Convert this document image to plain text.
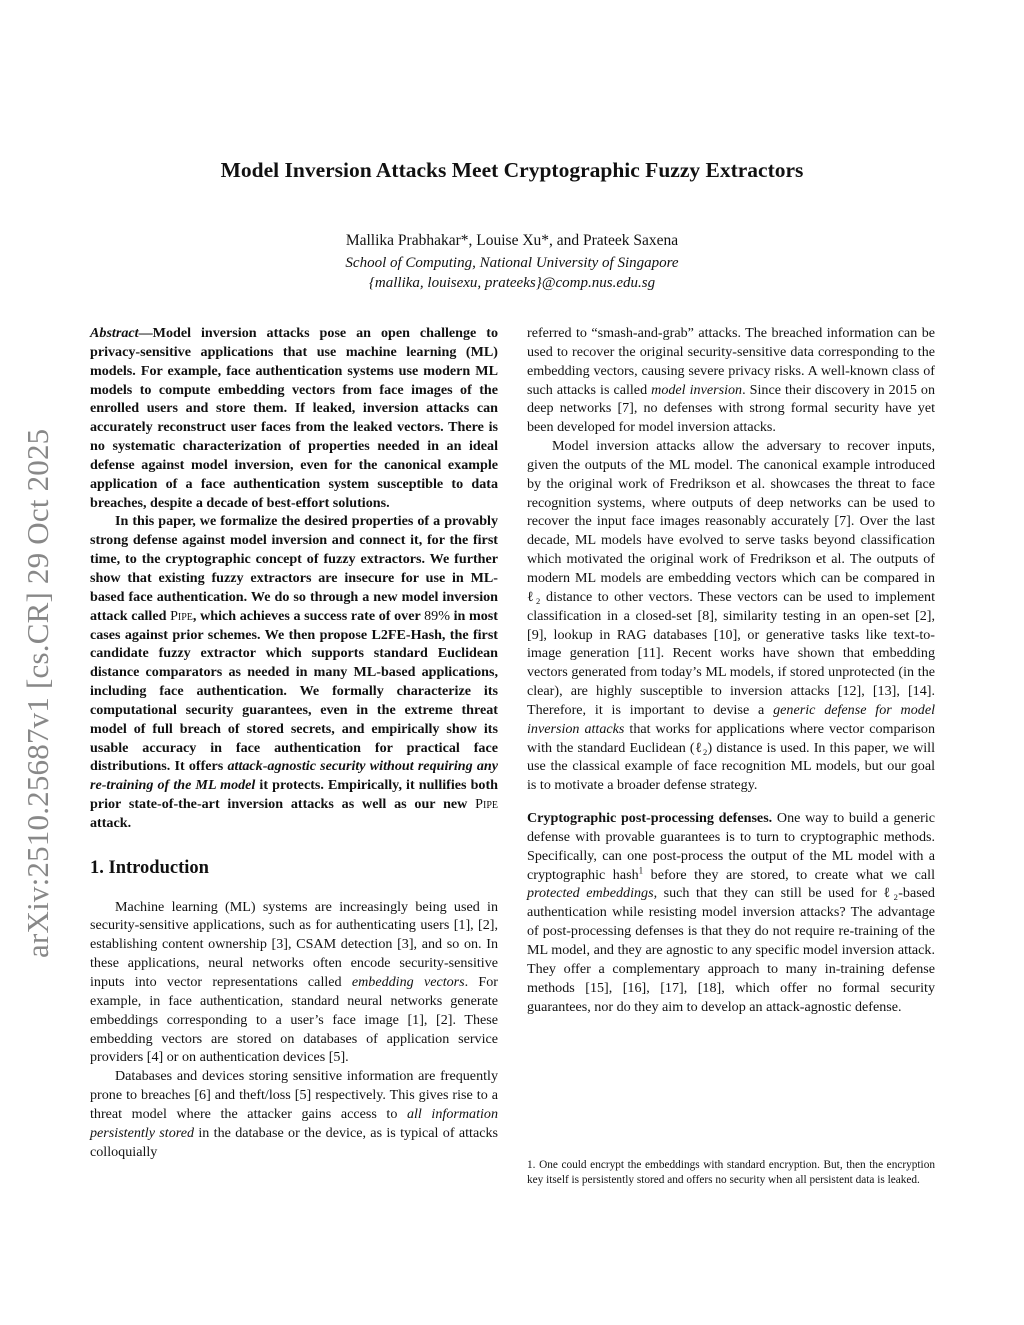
arXiv:2510.25687v1 [cs.CR] 29 Oct 2025
Model Inversion Attacks Meet Cryptographic Fuzzy Extractors
Mallika Prabhakar*, Louise Xu*, and Prateek Saxena
School of Computing, National University of Singapore
{mallika, louisexu, prateeks}@comp.nus.edu.sg

Abstract—Model inversion attacks pose an open challenge to privacy-sensitive applications that use machine learning (ML) models. For example, face authentication systems use modern ML models to compute embedding vectors from face images of the enrolled users and store them. If leaked, inversion attacks can accurately reconstruct user faces from the leaked vectors. There is no systematic characterization of properties needed in an ideal defense against model inversion, even for the canonical example application of a face authentication system susceptible to data breaches, despite a decade of best-effort solutions.

In this paper, we formalize the desired properties of a provably strong defense against model inversion and connect it, for the first time, to the cryptographic concept of fuzzy extractors. We further show that existing fuzzy extractors are insecure for use in ML-based face authentication. We do so through a new model inversion attack called Pipe, which achieves a success rate of over 89% in most cases against prior schemes. We then propose L2FE-Hash, the first candidate fuzzy extractor which supports standard Euclidean distance comparators as needed in many ML-based applications, including face authentication. We formally characterize its computational security guarantees, even in the extreme threat model of full breach of stored secrets, and empirically show its usable accuracy in face authentication for practical face distributions. It offers attack-agnostic security without requiring any re-training of the ML model it protects. Empirically, it nullifies both prior state-of-the-art inversion attacks as well as our new Pipe attack.

1. Introduction

Machine learning (ML) systems are increasingly being used in security-sensitive applications, such as for authenticating users [1], [2], establishing content ownership [3], CSAM detection [3], and so on. In these applications, neural networks often encode security-sensitive inputs into vector representations called embedding vectors. For example, in face authentication, standard neural networks generate embeddings corresponding to a user’s face image [1], [2]. These embedding vectors are stored on databases of application service providers [4] or on authentication devices [5].

Databases and devices storing sensitive information are frequently prone to breaches [6] and theft/loss [5] respectively. This gives rise to a threat model where the attacker gains access to all information persistently stored in the database or the device, as is typical of attacks colloquially

referred to “smash-and-grab” attacks. The breached information can be used to recover the original security-sensitive data corresponding to the embedding vectors, causing severe privacy risks. A well-known class of such attacks is called model inversion. Since their discovery in 2015 on deep networks [7], no defenses with strong formal security have yet been developed for model inversion attacks.

Model inversion attacks allow the adversary to recover inputs, given the outputs of the ML model. The canonical example introduced by the original work of Fredrikson et al. showcases the threat to face recognition systems, where outputs of deep networks can be used to recover the input face images reasonably accurately [7]. Over the last decade, ML models have evolved to serve tasks beyond classification which motivated the original work of Fredrikson et al. The outputs of modern ML models are embedding vectors which can be compared in ℓ₂ distance to other vectors. These vectors can be used to implement classification in a closed-set [8], similarity testing in an open-set [2], [9], lookup in RAG databases [10], or generative tasks like text-to-image generation [11]. Recent works have shown that embedding vectors generated from today’s ML models, if stored unprotected (in the clear), are highly susceptible to inversion attacks [12], [13], [14]. Therefore, it is important to devise a generic defense for model inversion attacks that works for applications where vector comparison with the standard Euclidean (ℓ₂) distance is used. In this paper, we will use the classical example of face recognition ML models, but our goal is to motivate a broader defense strategy.

Cryptographic post-processing defenses. One way to build a generic defense with provable guarantees is to turn to cryptographic methods. Specifically, can one post-process the output of the ML model with a cryptographic hash$^1$ before they are stored, to create what we call protected embeddings, such that they can still be used for ℓ₂-based authentication while resisting model inversion attacks? The advantage of post-processing defenses is that they do not require re-training of the ML model, and they are agnostic to any specific model inversion attack. They offer a complementary approach to many in-training defense methods [15], [16], [17], [18], which offer no formal security guarantees, nor do they aim to develop an attack-agnostic defense.

1. One could encrypt the embeddings with standard encryption. But, then the encryption key itself is persistently stored and offers no security when all persistent data is leaked.
